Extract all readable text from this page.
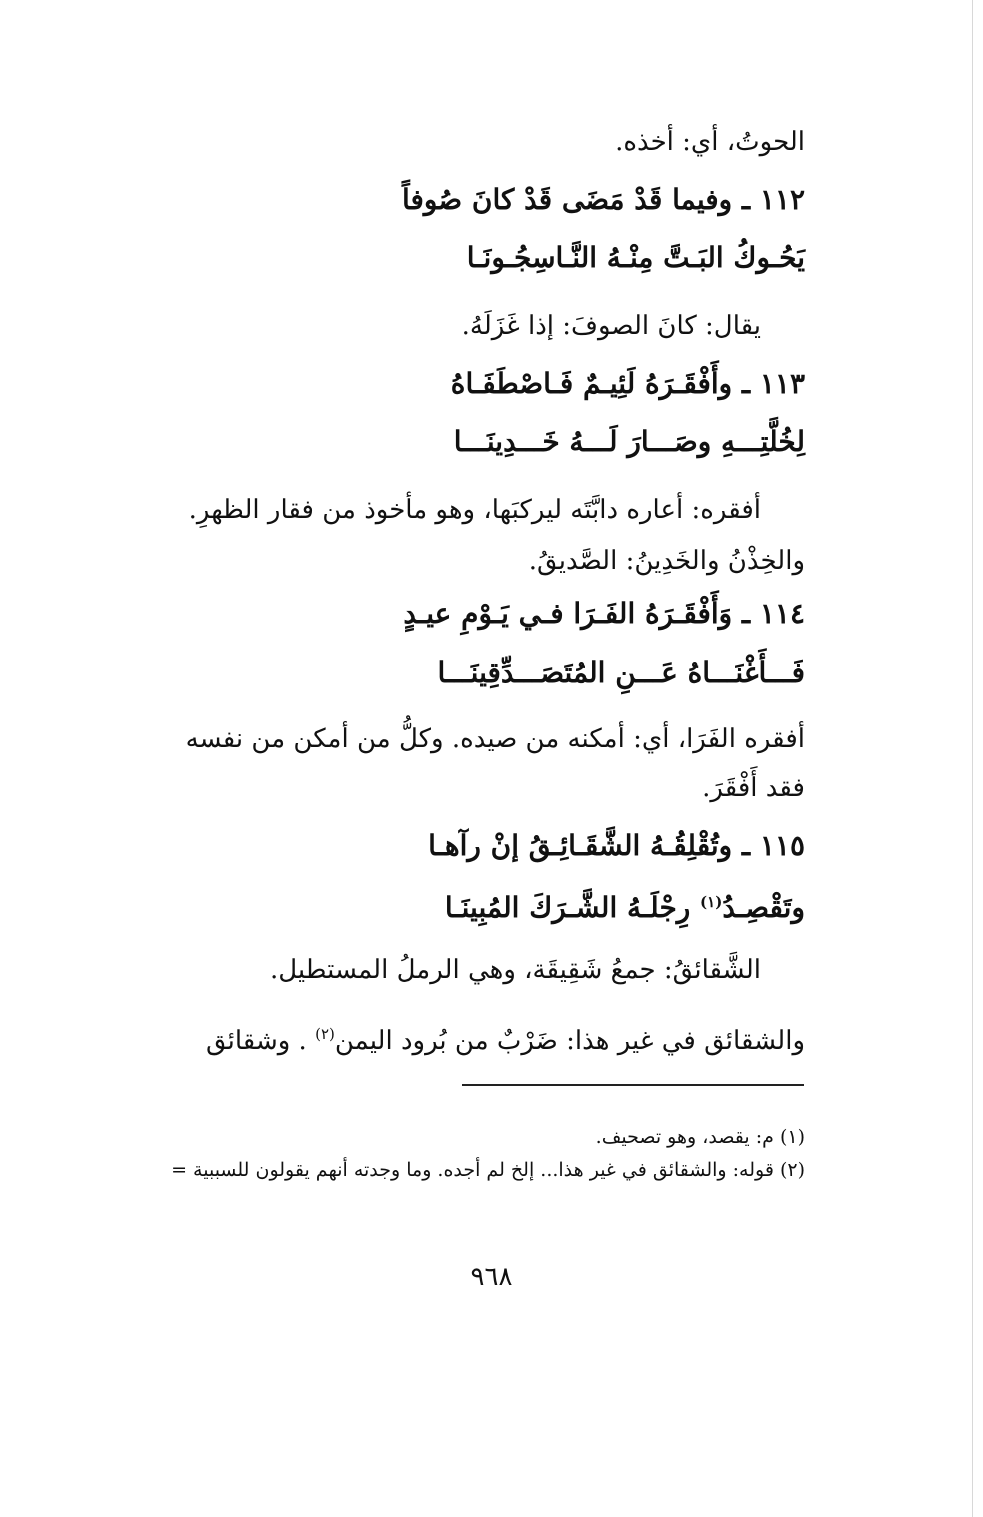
الحوتُ، أي: أخذه.
١١٢ ـ وفيما قَدْ مَضَى قَدْ كانَ صُوفاً
يَحُـوكُ البَـتَّ مِنْـهُ النَّـاسِجُـونَـا
يقال: كانَ الصوفَ: إذا غَزَلَهُ.
١١٣ ـ وأَفْقَـرَهُ لَئِيـمٌ فَـاصْطَفَـاهُ
لِخُلَّتِـــهِ وصَـــارَ لَـــهُ خَـــدِينَـــا
أفقره: أعاره دابَّتَه ليركبَها، وهو مأخوذ من فقار الظهرِ.
والخِذْنُ والخَدِينُ: الصَّديقُ.
١١٤ ـ وَأَفْقَـرَهُ الفَـرَا فـي يَـوْمِ عيـدٍ
فَـــأَغْنَـــاهُ عَـــنِ المُتَصَـــدِّقِينَـــا
أفقره الفَرَا، أي: أمكنه من صيده. وكلُّ من أمكن من نفسه
فقد أَفْقَرَ.
١١٥ ـ وتُقْلِقُـهُ الشَّقَـائِـقُ إنْ رآهـا
وتَقْصِـدُ$^{(١)}$ رِجْلَـهُ الشَّـرَكَ المُبِينَـا
الشَّقائقُ: جمعُ شَقِيقَة، وهي الرملُ المستطيل.
والشقائق في غير هذا: ضَرْبٌ من بُرود اليمن$^{(٢)}$ . وشقائق
(١) م: يقصد، وهو تصحيف.
(٢) قوله: والشقائق في غير هذا... إلخ لم أجده. وما وجدته أنهم يقولون للسببية =
٩٦٨
